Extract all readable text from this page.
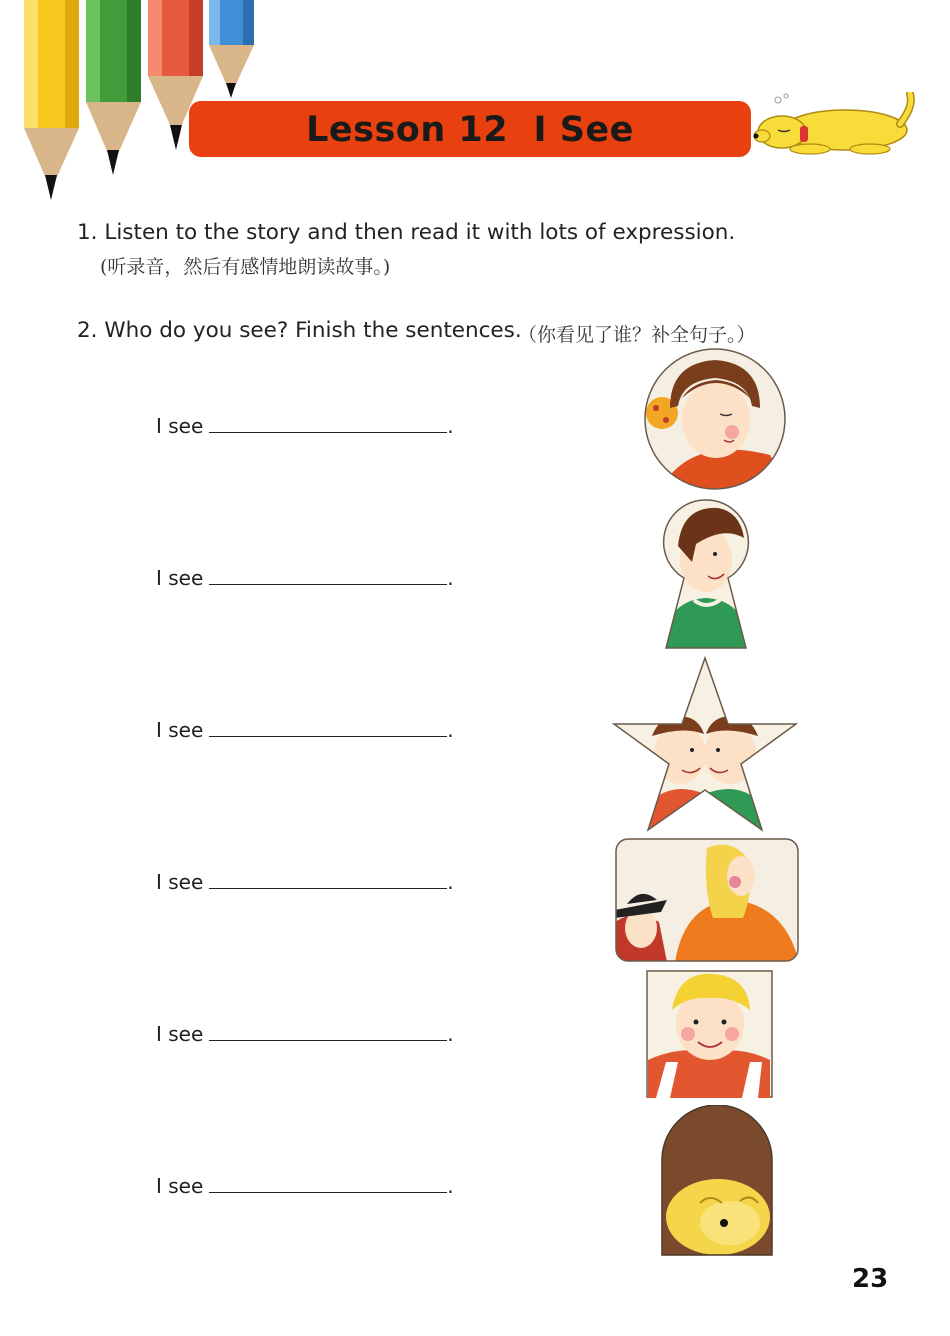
Lesson 12  I See
1. Listen to the story and then read it with lots of expression.
(听录音，然后有感情地朗读故事。)
2. Who do you see? Finish the sentences.
（你看见了谁？补全句子。）
I see	.
I see	.
I see	.
I see	.
I see	.
I see	.
23
